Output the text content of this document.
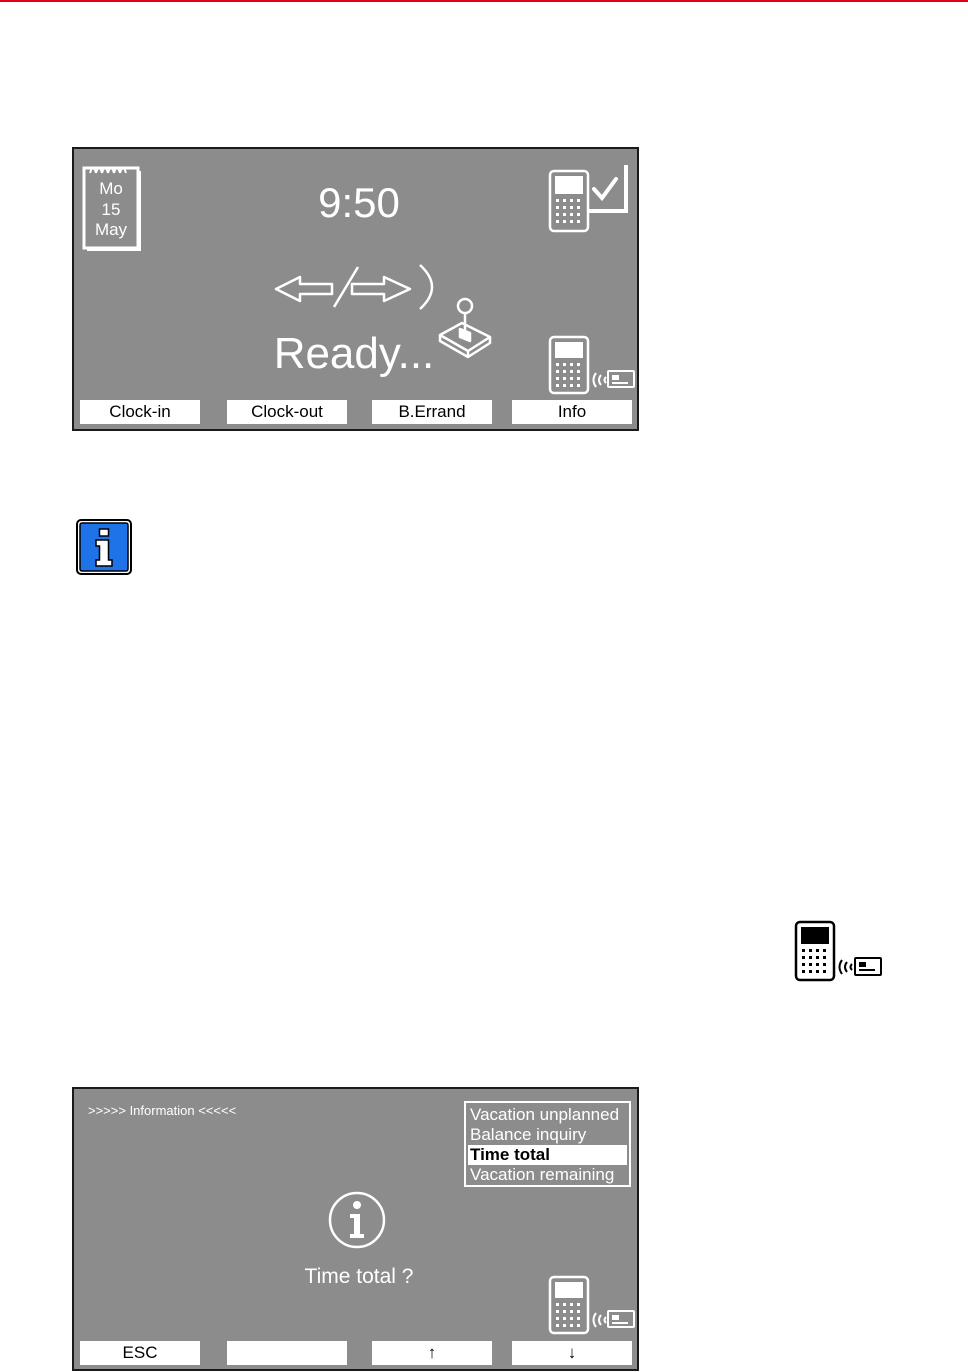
Mo
15
May
9:50
Ready...
Clock-in	Clock-out	B.Errand	Info
>>>>> Information <<<<<	Vacation unplanned
Balance inquiry
Time total
Vacation remaining
Time total ?
ESC	↑	↓
